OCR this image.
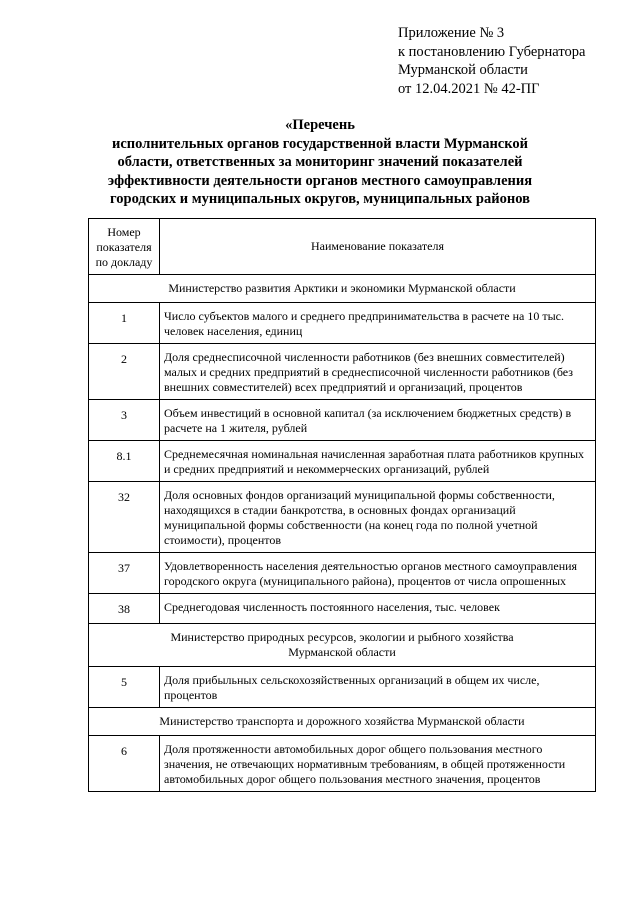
Приложение № 3
к постановлению Губернатора
Мурманской области
от 12.04.2021 № 42-ПГ
«Перечень
исполнительных органов государственной власти Мурманской
области, ответственных за мониторинг значений показателей
эффективности деятельности органов местного самоуправления
городских и муниципальных округов, муниципальных районов
Номер
показателя
по докладу	Наименование показателя
Министерство развития Арктики и экономики Мурманской области	
1	Число субъектов малого и среднего предпринимательства в расчете на 10 тыс. человек населения, единиц
2	Доля среднесписочной численности работников (без внешних совместителей) малых и средних предприятий в среднесписочной численности работников (без внешних совместителей) всех предприятий и организаций, процентов
3	Объем инвестиций в основной капитал (за исключением бюджетных средств) в расчете на 1 жителя, рублей
8.1	Среднемесячная номинальная начисленная заработная плата работников крупных и средних предприятий и некоммерческих организаций, рублей
32	Доля основных фондов организаций муниципальной формы собственности, находящихся в стадии банкротства, в основных фондах организаций муниципальной формы собственности (на конец года по полной учетной стоимости), процентов
37	Удовлетворенность населения деятельностью органов местного самоуправления городского округа (муниципального района), процентов от числа опрошенных
38	Среднегодовая численность постоянного населения, тыс. человек

Министерство природных ресурсов, экологии и рыбного хозяйства
Мурманской области	

5	Доля прибыльных сельскохозяйственных организаций в общем их числе, процентов
Министерство транспорта и дорожного хозяйства Мурманской области	
6	Доля протяженности автомобильных дорог общего пользования местного значения, не отвечающих нормативным требованиям, в общей протяженности автомобильных дорог общего пользования местного значения, процентов
